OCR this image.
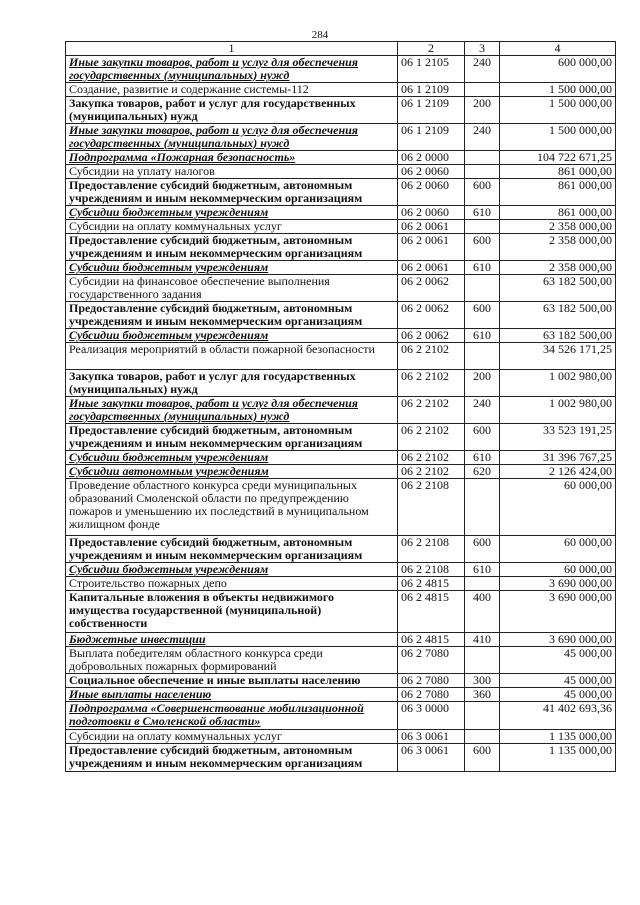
284
1	2	3	4
Иные закупки товаров, работ и услуг для обеспечения государственных (муниципальных) нужд	06 1 2105	240	600 000,00
Создание, развитие и содержание системы-112	06 1 2109		1 500 000,00
Закупка товаров, работ и услуг для государственных (муниципальных) нужд	06 1 2109	200	1 500 000,00
Иные закупки товаров, работ и услуг для обеспечения государственных (муниципальных) нужд	06 1 2109	240	1 500 000,00
Подпрограмма «Пожарная безопасность»	06 2 0000		104 722 671,25
Субсидии на уплату налогов	06 2 0060		861 000,00
Предоставление субсидий бюджетным, автономным учреждениям и иным некоммерческим организациям	06 2 0060	600	861 000,00
Субсидии бюджетным учреждениям	06 2 0060	610	861 000,00
Субсидии на оплату коммунальных услуг	06 2 0061		2 358 000,00
Предоставление субсидий бюджетным, автономным учреждениям и иным некоммерческим организациям	06 2 0061	600	2 358 000,00
Субсидии бюджетным учреждениям	06 2 0061	610	2 358 000,00
Субсидии на финансовое обеспечение выполнения государственного задания	06 2 0062		63 182 500,00
Предоставление субсидий бюджетным, автономным учреждениям и иным некоммерческим организациям	06 2 0062	600	63 182 500,00
Субсидии бюджетным учреждениям	06 2 0062	610	63 182 500,00
Реализация мероприятий в области пожарной безопасности	06 2 2102		34 526 171,25
Закупка товаров, работ и услуг для государственных (муниципальных) нужд	06 2 2102	200	1 002 980,00
Иные закупки товаров, работ и услуг для обеспечения государственных (муниципальных) нужд	06 2 2102	240	1 002 980,00
Предоставление субсидий бюджетным, автономным учреждениям и иным некоммерческим организациям	06 2 2102	600	33 523 191,25
Субсидии бюджетным учреждениям	06 2 2102	610	31 396 767,25
Субсидии автономным учреждениям	06 2 2102	620	2 126 424,00
Проведение областного конкурса среди муниципальных образований Смоленской области по предупреждению пожаров и уменьшению их последствий в муниципальном жилищном фонде	06 2 2108		60 000,00
Предоставление субсидий бюджетным, автономным учреждениям и иным некоммерческим организациям	06 2 2108	600	60 000,00
Субсидии бюджетным учреждениям	06 2 2108	610	60 000,00
Строительство пожарных депо	06 2 4815		3 690 000,00
Капитальные вложения в объекты недвижимого имущества государственной (муниципальной) собственности	06 2 4815	400	3 690 000,00
Бюджетные инвестиции	06 2 4815	410	3 690 000,00
Выплата победителям областного конкурса среди добровольных пожарных формирований	06 2 7080		45 000,00
Социальное обеспечение и иные выплаты населению	06 2 7080	300	45 000,00
Иные выплаты населению	06 2 7080	360	45 000,00
Подпрограмма «Совершенствование мобилизационной подготовки в Смоленской области»	06 3 0000		41 402 693,36
Субсидии на оплату коммунальных услуг	06 3 0061		1 135 000,00
Предоставление субсидий бюджетным, автономным учреждениям и иным некоммерческим организациям	06 3 0061	600	1 135 000,00
